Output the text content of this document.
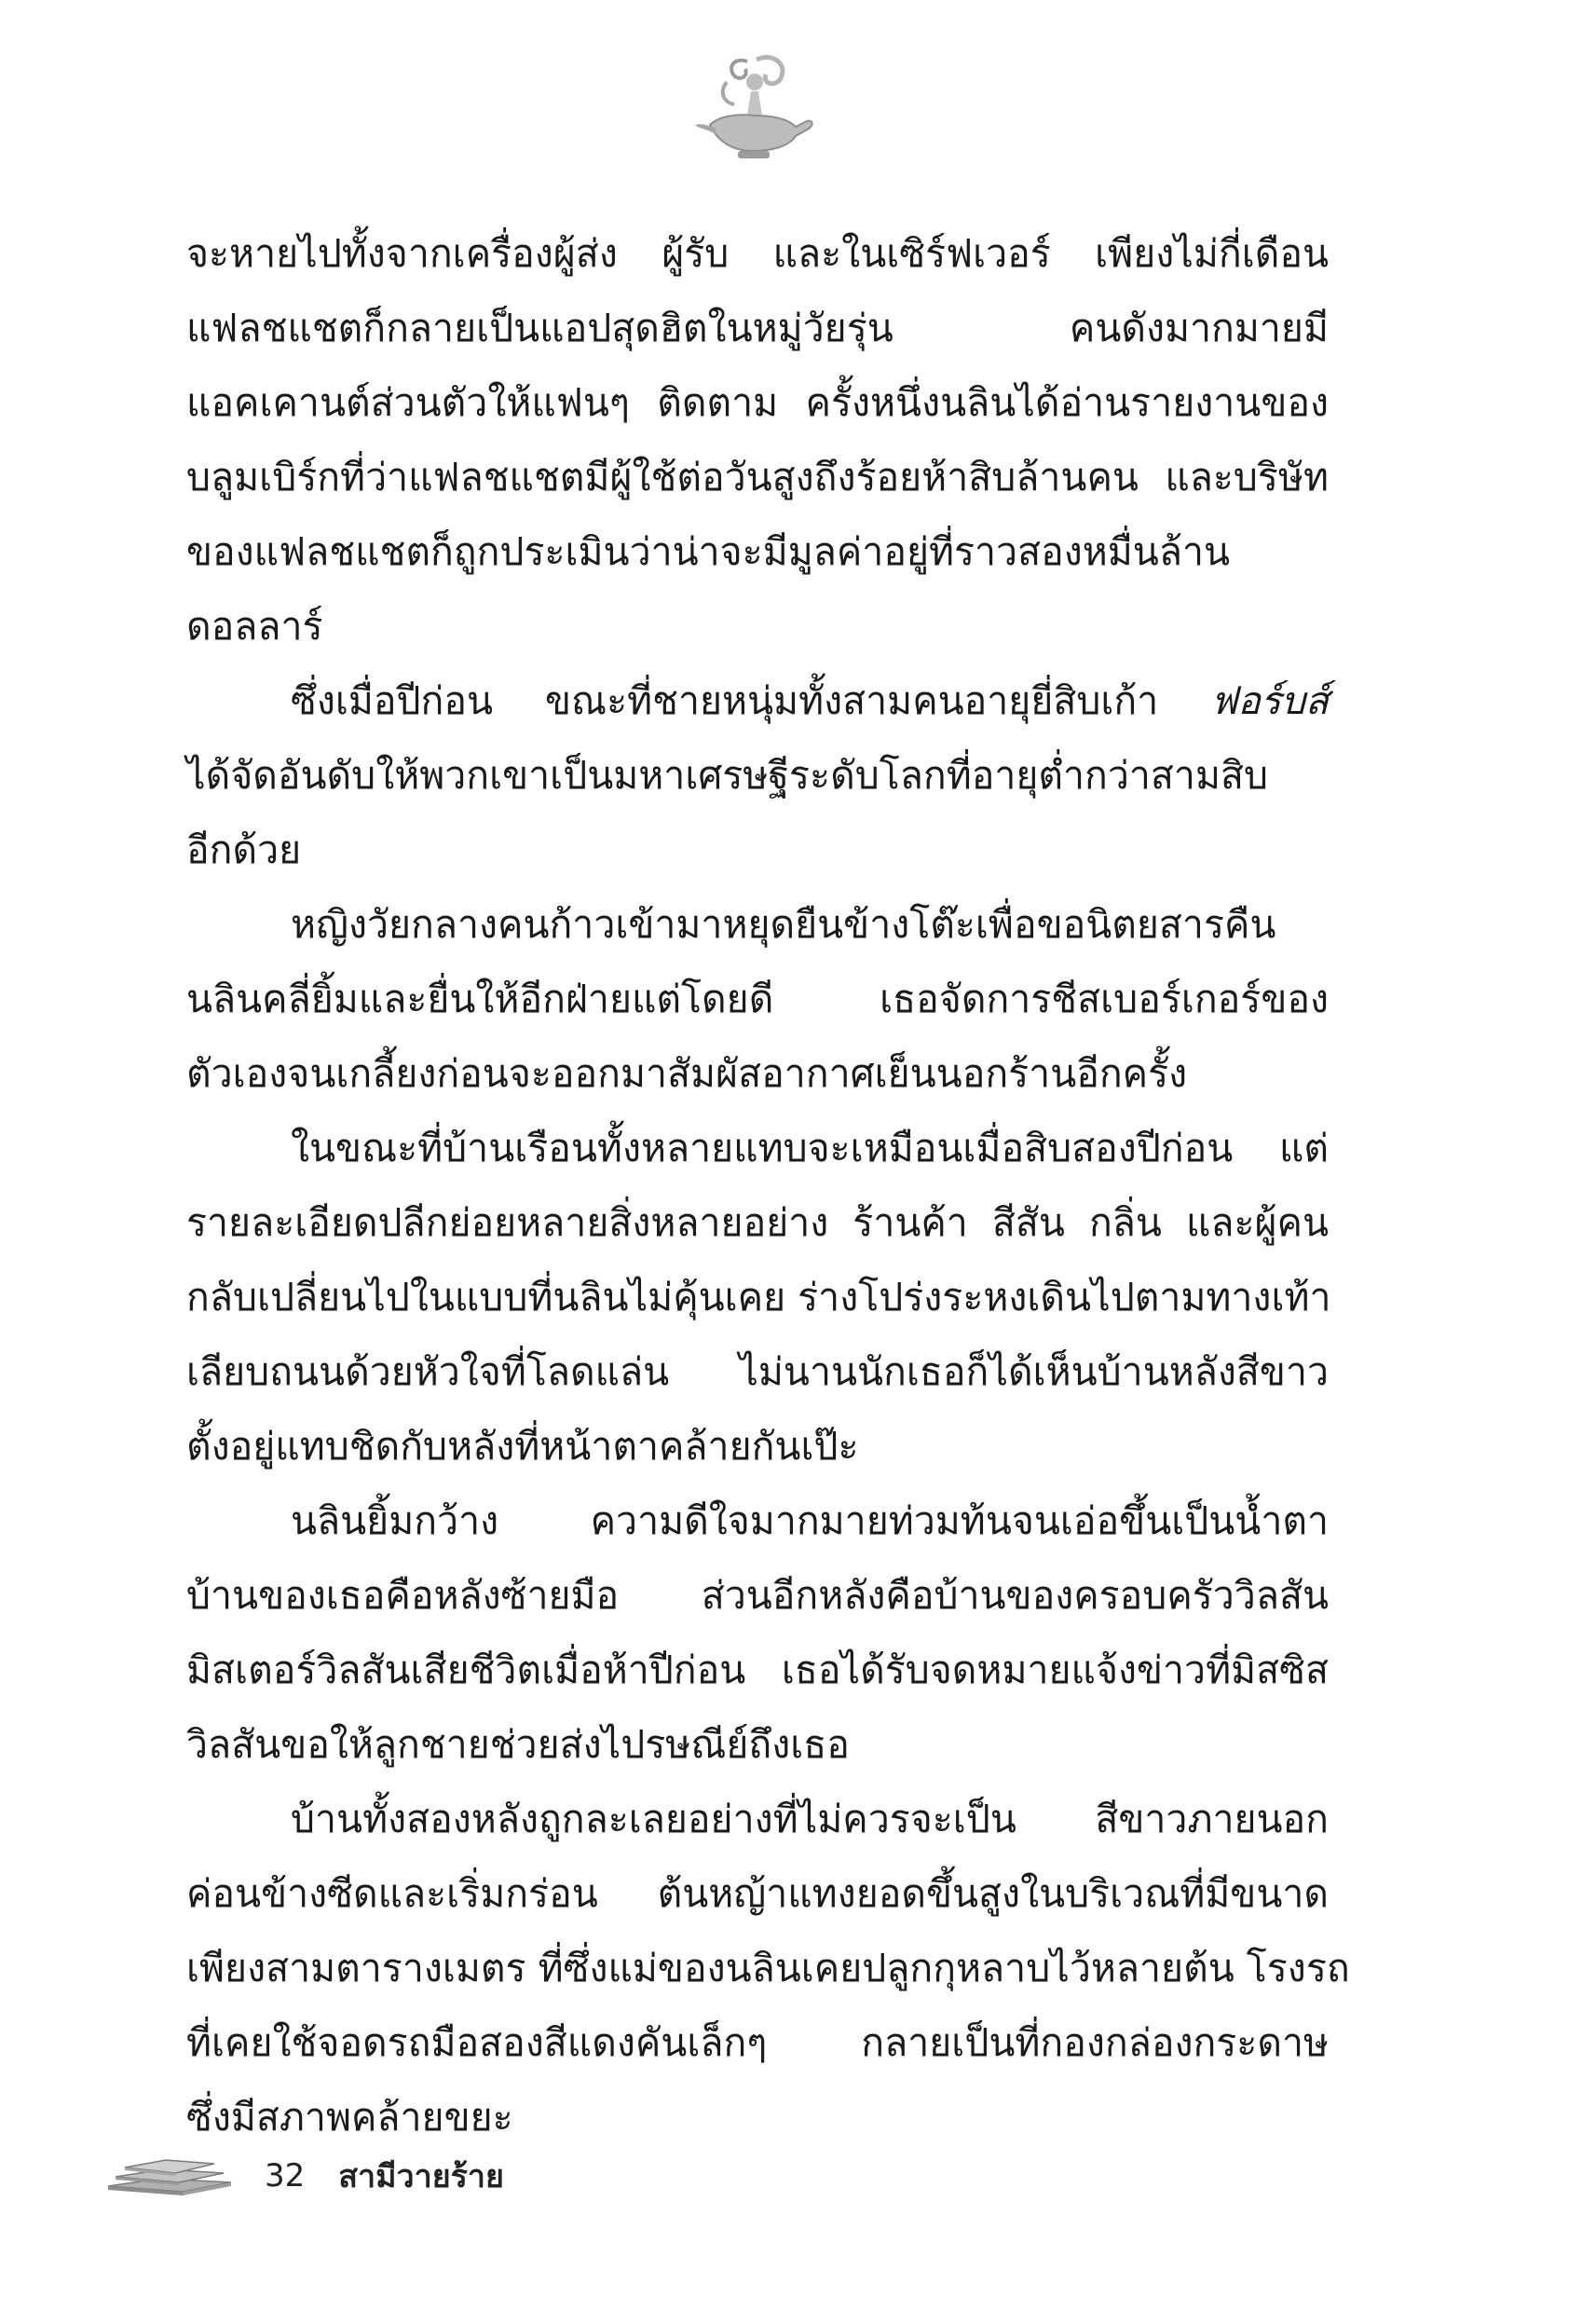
จะหายไปทั้งจากเครื่องผู้ส่ง ผู้รับ และในเซิร์ฟเวอร์ เพียงไม่กี่เดือน
แฟลชแชตก็กลายเป็นแอปสุดฮิตในหมู่วัยรุ่น คนดังมากมายมี
แอคเคานต์ส่วนตัวให้แฟนๆ ติดตาม ครั้งหนึ่งนลินได้อ่านรายงานของ
บลูมเบิร์กที่ว่าแฟลชแชตมีผู้ใช้ต่อวันสูงถึงร้อยห้าสิบล้านคน และบริษัท
ของแฟลชแชตก็ถูกประเมินว่าน่าจะมีมูลค่าอยู่ที่ราวสองหมื่นล้าน
ดอลลาร์
ซึ่งเมื่อปีก่อน ขณะที่ชายหนุ่มทั้งสามคนอายุยี่สิบเก้า ฟอร์บส์
ได้จัดอันดับให้พวกเขาเป็นมหาเศรษฐีระดับโลกที่อายุต่ำกว่าสามสิบ
อีกด้วย
หญิงวัยกลางคนก้าวเข้ามาหยุดยืนข้างโต๊ะเพื่อขอนิตยสารคืน
นลินคลี่ยิ้มและยื่นให้อีกฝ่ายแต่โดยดี เธอจัดการชีสเบอร์เกอร์ของ
ตัวเองจนเกลี้ยงก่อนจะออกมาสัมผัสอากาศเย็นนอกร้านอีกครั้ง
ในขณะที่บ้านเรือนทั้งหลายแทบจะเหมือนเมื่อสิบสองปีก่อน แต่
รายละเอียดปลีกย่อยหลายสิ่งหลายอย่าง ร้านค้า สีสัน กลิ่น และผู้คน
กลับเปลี่ยนไปในแบบที่นลินไม่คุ้นเคย ร่างโปร่งระหงเดินไปตามทางเท้า
เลียบถนนด้วยหัวใจที่โลดแล่น ไม่นานนักเธอก็ได้เห็นบ้านหลังสีขาว
ตั้งอยู่แทบชิดกับหลังที่หน้าตาคล้ายกันเป๊ะ
นลินยิ้มกว้าง ความดีใจมากมายท่วมท้นจนเอ่อขึ้นเป็นน้ำตา
บ้านของเธอคือหลังซ้ายมือ ส่วนอีกหลังคือบ้านของครอบครัววิลสัน
มิสเตอร์วิลสันเสียชีวิตเมื่อห้าปีก่อน เธอได้รับจดหมายแจ้งข่าวที่มิสซิส
วิลสันขอให้ลูกชายช่วยส่งไปรษณีย์ถึงเธอ
บ้านทั้งสองหลังถูกละเลยอย่างที่ไม่ควรจะเป็น สีขาวภายนอก
ค่อนข้างซีดและเริ่มกร่อน ต้นหญ้าแทงยอดขึ้นสูงในบริเวณที่มีขนาด
เพียงสามตารางเมตร ที่ซึ่งแม่ของนลินเคยปลูกกุหลาบไว้หลายต้น โรงรถ
ที่เคยใช้จอดรถมือสองสีแดงคันเล็กๆ กลายเป็นที่กองกล่องกระดาษ
ซึ่งมีสภาพคล้ายขยะ
32 สามีวายร้าย
